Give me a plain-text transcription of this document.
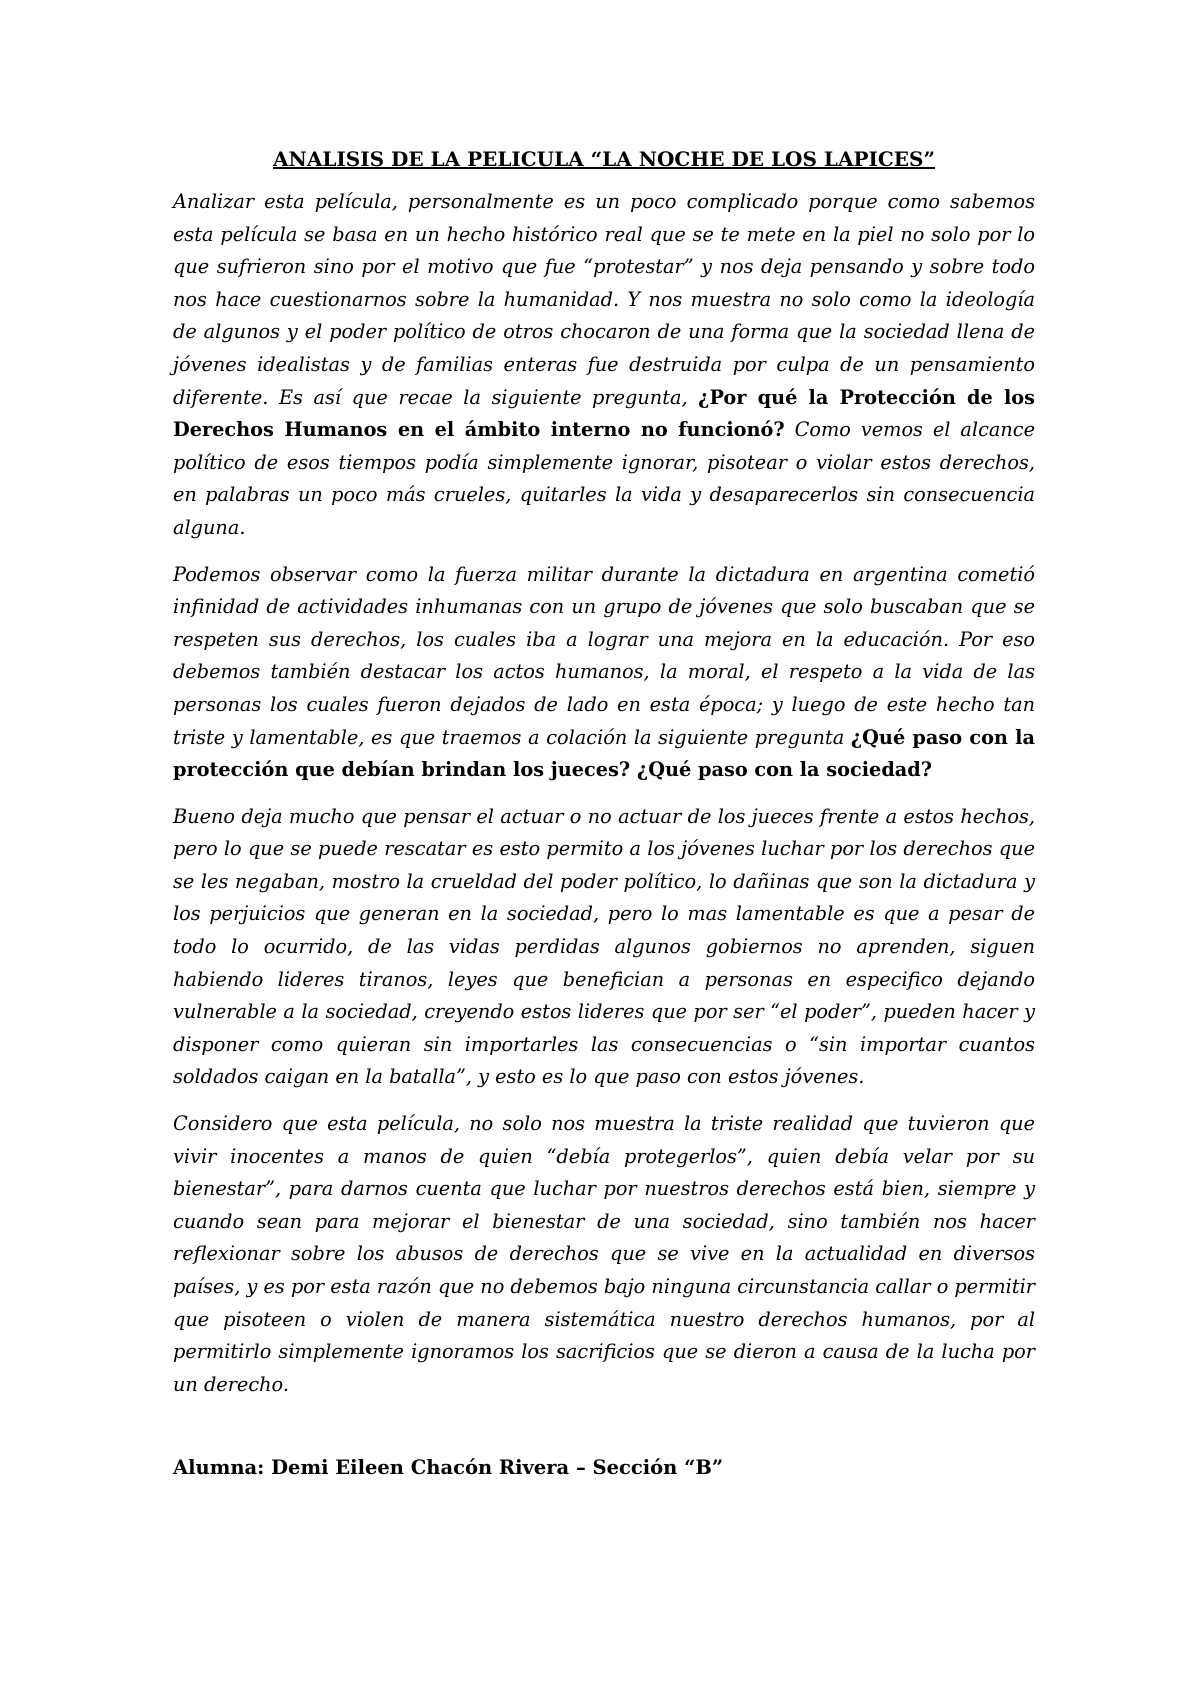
ANALISIS DE LA PELICULA “LA NOCHE DE LOS LAPICES”

Analizar esta película, personalmente es un poco complicado porque como sabemos esta película se basa en un hecho histórico real que se te mete en la piel no solo por lo que sufrieron sino por el motivo que fue “protestar” y nos deja pensando y sobre todo nos hace cuestionarnos sobre la humanidad. Y nos muestra no solo como la ideología de algunos y el poder político de otros chocaron de una forma que la sociedad llena de jóvenes idealistas y de familias enteras fue destruida por culpa de un pensamiento diferente. Es así que recae la siguiente pregunta, ¿Por qué la Protección de los Derechos Humanos en el ámbito interno no funcionó? Como vemos el alcance político de esos tiempos podía simplemente ignorar, pisotear o violar estos derechos, en palabras un poco más crueles, quitarles la vida y desaparecerlos sin consecuencia alguna.

Podemos observar como la fuerza militar durante la dictadura en argentina cometió infinidad de actividades inhumanas con un grupo de jóvenes que solo buscaban que se respeten sus derechos, los cuales iba a lograr una mejora en la educación. Por eso debemos también destacar los actos humanos, la moral, el respeto a la vida de las personas los cuales fueron dejados de lado en esta época; y luego de este hecho tan triste y lamentable, es que traemos a colación la siguiente pregunta ¿Qué paso con la protección que debían brindan los jueces? ¿Qué paso con la sociedad?

Bueno deja mucho que pensar el actuar o no actuar de los jueces frente a estos hechos, pero lo que se puede rescatar es esto permito a los jóvenes luchar por los derechos que se les negaban, mostro la crueldad del poder político, lo dañinas que son la dictadura y los perjuicios que generan en la sociedad, pero lo mas lamentable es que a pesar de todo lo ocurrido, de las vidas perdidas algunos gobiernos no aprenden, siguen habiendo lideres tiranos, leyes que benefician a personas en especifico dejando vulnerable a la sociedad, creyendo estos lideres que por ser “el poder”, pueden hacer y disponer como quieran sin importarles las consecuencias o “sin importar cuantos soldados caigan en la batalla”, y esto es lo que paso con estos jóvenes.

Considero que esta película, no solo nos muestra la triste realidad que tuvieron que vivir inocentes a manos de quien “debía protegerlos”, quien debía velar por su bienestar”, para darnos cuenta que luchar por nuestros derechos está bien, siempre y cuando sean para mejorar el bienestar de una sociedad, sino también nos hacer reflexionar sobre los abusos de derechos que se vive en la actualidad en diversos países, y es por esta razón que no debemos bajo ninguna circunstancia callar o permitir que pisoteen o violen de manera sistemática nuestro derechos humanos, por al permitirlo simplemente ignoramos los sacrificios que se dieron a causa de la lucha por un derecho.

Alumna: Demi Eileen Chacón Rivera – Sección “B”
